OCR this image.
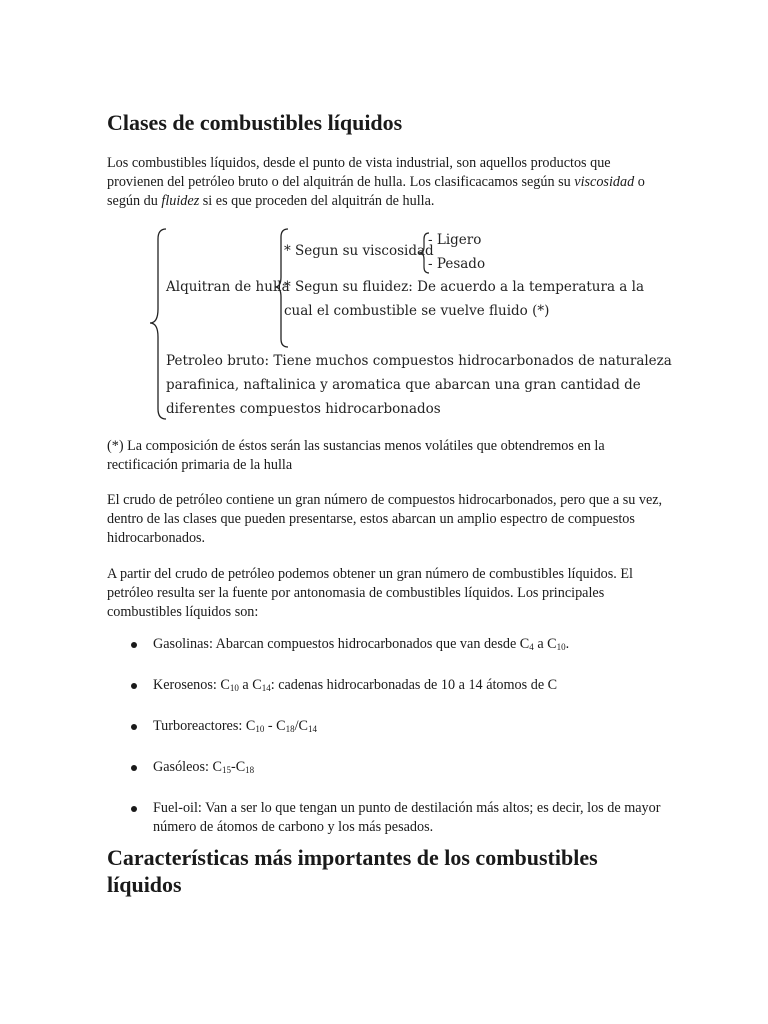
Clases de combustibles líquidos

Los combustibles líquidos, desde el punto de vista industrial, son aquellos productos que provienen del petróleo bruto o del alquitrán de hulla. Los clasificacamos según su viscosidad o según du fluidez si es que proceden del alquitrán de hulla.

Alquitran de hulla
* Segun su viscosidad
- Ligero
- Pesado
* Segun su fluidez: De acuerdo a la temperatura a la
cual el combustible se vuelve fluido (*)
Petroleo bruto: Tiene muchos compuestos hidrocarbonados de naturaleza
parafinica, naftalinica y aromatica que abarcan una gran cantidad de
diferentes compuestos hidrocarbonados

(*) La composición de éstos serán las sustancias menos volátiles que obtendremos en la rectificación primaria de la hulla

El crudo de petróleo contiene un gran número de compuestos hidrocarbonados, pero que a su vez, dentro de las clases que pueden presentarse, estos abarcan un amplio espectro de compuestos hidrocarbonados.

A partir del crudo de petróleo podemos obtener un gran número de combustibles líquidos. El petróleo resulta ser la fuente por antonomasia de combustibles líquidos. Los principales combustibles líquidos son:

Gasolinas: Abarcan compuestos hidrocarbonados que van desde $C_4$ a $C_{10}$.
Kerosenos: $C_{10}$ a $C_{14}$: cadenas hidrocarbonadas de 10 a 14 átomos de C
Turboreactores: $C_{10} - C_{18}/C_{14}$
Gasóleos: $C_{15}-C_{18}$
Fuel-oil: Van a ser lo que tengan un punto de destilación más altos; es decir, los de mayor número de átomos de carbono y los más pesados.
Características más importantes de los combustibles líquidos
